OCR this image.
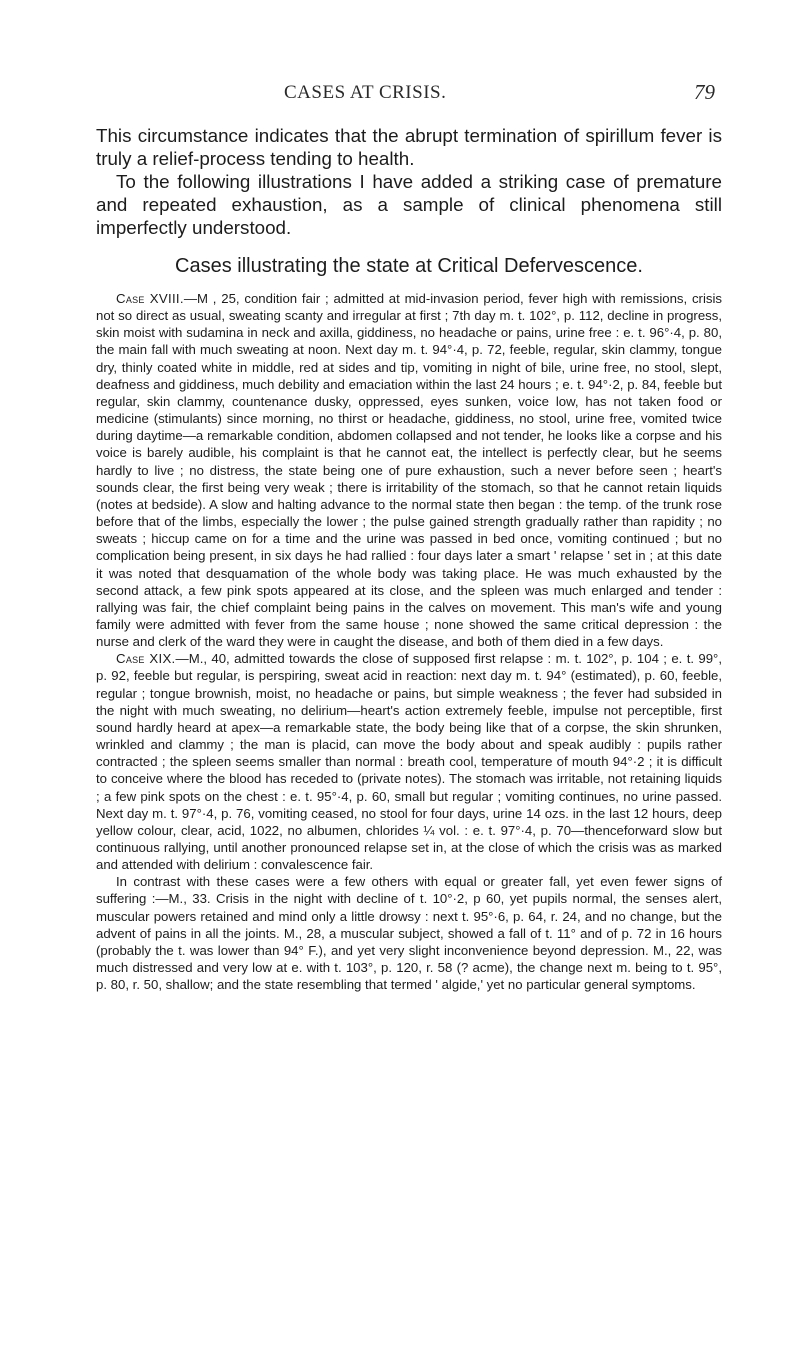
CASES AT CRISIS.	79

This circumstance indicates that the abrupt termination of spirillum fever is truly a relief-process tending to health.

To the following illustrations I have added a striking case of premature and repeated exhaustion, as a sample of clinical phenomena still imperfectly understood.

Cases illustrating the state at Critical Defervescence.

Case XVIII.—M , 25, condition fair ; admitted at mid-invasion period, fever high with remissions, crisis not so direct as usual, sweating scanty and irregular at first ; 7th day m. t. 102°, p. 112, decline in progress, skin moist with sudamina in neck and axilla, giddiness, no headache or pains, urine free : e. t. 96°·4, p. 80, the main fall with much sweating at noon. Next day m. t. 94°·4, p. 72, feeble, regular, skin clammy, tongue dry, thinly coated white in middle, red at sides and tip, vomiting in night of bile, urine free, no stool, slept, deafness and giddiness, much debility and emaciation within the last 24 hours ; e. t. 94°·2, p. 84, feeble but regular, skin clammy, countenance dusky, oppressed, eyes sunken, voice low, has not taken food or medicine (stimulants) since morning, no thirst or headache, giddiness, no stool, urine free, vomited twice during daytime—a remarkable condition, abdomen collapsed and not tender, he looks like a corpse and his voice is barely audible, his complaint is that he cannot eat, the intellect is perfectly clear, but he seems hardly to live ; no distress, the state being one of pure exhaustion, such a never before seen ; heart's sounds clear, the first being very weak ; there is irritability of the stomach, so that he cannot retain liquids (notes at bedside). A slow and halting advance to the normal state then began : the temp. of the trunk rose before that of the limbs, especially the lower ; the pulse gained strength gradually rather than rapidity ; no sweats ; hiccup came on for a time and the urine was passed in bed once, vomiting continued ; but no complication being present, in six days he had rallied : four days later a smart ' relapse ' set in ; at this date it was noted that desquamation of the whole body was taking place. He was much exhausted by the second attack, a few pink spots appeared at its close, and the spleen was much enlarged and tender : rallying was fair, the chief complaint being pains in the calves on movement. This man's wife and young family were admitted with fever from the same house ; none showed the same critical depression : the nurse and clerk of the ward they were in caught the disease, and both of them died in a few days.

Case XIX.—M., 40, admitted towards the close of supposed first relapse : m. t. 102°, p. 104 ; e. t. 99°, p. 92, feeble but regular, is perspiring, sweat acid in reaction: next day m. t. 94° (estimated), p. 60, feeble, regular ; tongue brownish, moist, no headache or pains, but simple weakness ; the fever had subsided in the night with much sweating, no delirium—heart's action extremely feeble, impulse not perceptible, first sound hardly heard at apex—a remarkable state, the body being like that of a corpse, the skin shrunken, wrinkled and clammy ; the man is placid, can move the body about and speak audibly : pupils rather contracted ; the spleen seems smaller than normal : breath cool, temperature of mouth 94°·2 ; it is difficult to conceive where the blood has receded to (private notes). The stomach was irritable, not retaining liquids ; a few pink spots on the chest : e. t. 95°·4, p. 60, small but regular ; vomiting continues, no urine passed. Next day m. t. 97°·4, p. 76, vomiting ceased, no stool for four days, urine 14 ozs. in the last 12 hours, deep yellow colour, clear, acid, 1022, no albumen, chlorides ¼ vol. : e. t. 97°·4, p. 70—thenceforward slow but continuous rallying, until another pronounced relapse set in, at the close of which the crisis was as marked and attended with delirium : convalescence fair.

In contrast with these cases were a few others with equal or greater fall, yet even fewer signs of suffering :—M., 33. Crisis in the night with decline of t. 10°·2, p 60, yet pupils normal, the senses alert, muscular powers retained and mind only a little drowsy : next t. 95°·6, p. 64, r. 24, and no change, but the advent of pains in all the joints. M., 28, a muscular subject, showed a fall of t. 11° and of p. 72 in 16 hours (probably the t. was lower than 94° F.), and yet very slight inconvenience beyond depression. M., 22, was much distressed and very low at e. with t. 103°, p. 120, r. 58 (? acme), the change next m. being to t. 95°, p. 80, r. 50, shallow; and the state resembling that termed ' algide,' yet no particular general symptoms.
